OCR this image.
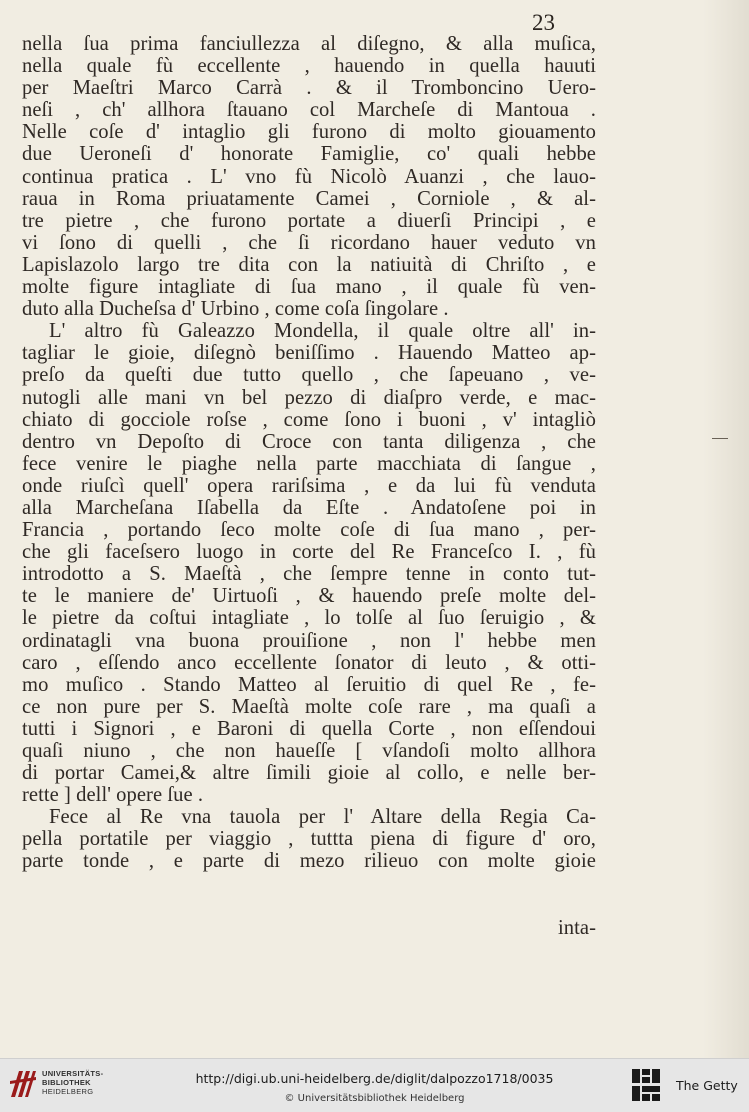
23
nella ſua prima fanciullezza al diſegno, & alla muſica,
nella quale fù eccellente , hauendo in quella hauuti
per Maeſtri Marco Carrà . & il Tromboncino Uero-
neſi , ch' allhora ſtauano col Marcheſe di Mantoua .
Nelle coſe d' intaglio gli furono di molto giouamento
due Ueroneſi d' honorate Famiglie, co' quali hebbe
continua pratica . L' vno fù Nicolò Auanzi , che lauo-
raua in Roma priuatamente Camei , Corniole , & al-
tre pietre , che furono portate a diuerſi Principi , e
vi ſono di quelli , che ſi ricordano hauer veduto vn
Lapislazolo largo tre dita con la natiuità di Chriſto , e
molte figure intagliate di ſua mano , il quale fù ven-
duto alla Ducheſsa d' Urbino , come coſa ſingolare .
L' altro fù Galeazzo Mondella, il quale oltre all' in-
tagliar le gioie, diſegnò beniſſimo . Hauendo Matteo ap-
preſo da queſti due tutto quello , che ſapeuano , ve-
nutogli alle mani vn bel pezzo di diaſpro verde, e mac-
chiato di gocciole roſse , come ſono i buoni , v' intagliò
dentro vn Depoſto di Croce con tanta diligenza , che
fece venire le piaghe nella parte macchiata di ſangue ,
onde riuſcì quell' opera rariſsima , e da lui fù venduta
alla Marcheſana Iſabella da Eſte . Andatoſene poi in
Francia , portando ſeco molte coſe di ſua mano , per-
che gli faceſsero luogo in corte del Re Franceſco I. , fù
introdotto a S. Maeſtà , che ſempre tenne in conto tut-
te le maniere de' Uirtuoſi , & hauendo preſe molte del-
le pietre da coſtui intagliate , lo tolſe al ſuo ſeruigio , &
ordinatagli vna buona prouiſione , non l' hebbe men
caro , eſſendo anco eccellente ſonator di leuto , & otti-
mo muſico . Stando Matteo al ſeruitio di quel Re , fe-
ce non pure per S. Maeſtà molte coſe rare , ma quaſi a
tutti i Signori , e Baroni di quella Corte , non eſſendoui
quaſi niuno , che non haueſſe [ vſandoſi molto allhora
di portar Camei,& altre ſimili gioie al collo, e nelle ber-
rette ] dell' opere ſue .
Fece al Re vna tauola per l' Altare della Regia Ca-
pella portatile per viaggio , tuttta piena di figure d' oro,
parte tonde , e parte di mezo rilieuo con molte gioie
inta-
UNIVERSITÄTS-
BIBLIOTHEK
HEIDELBERG
http://digi.ub.uni-heidelberg.de/diglit/dalpozzo1718/0035
© Universitätsbibliothek Heidelberg
The Getty
